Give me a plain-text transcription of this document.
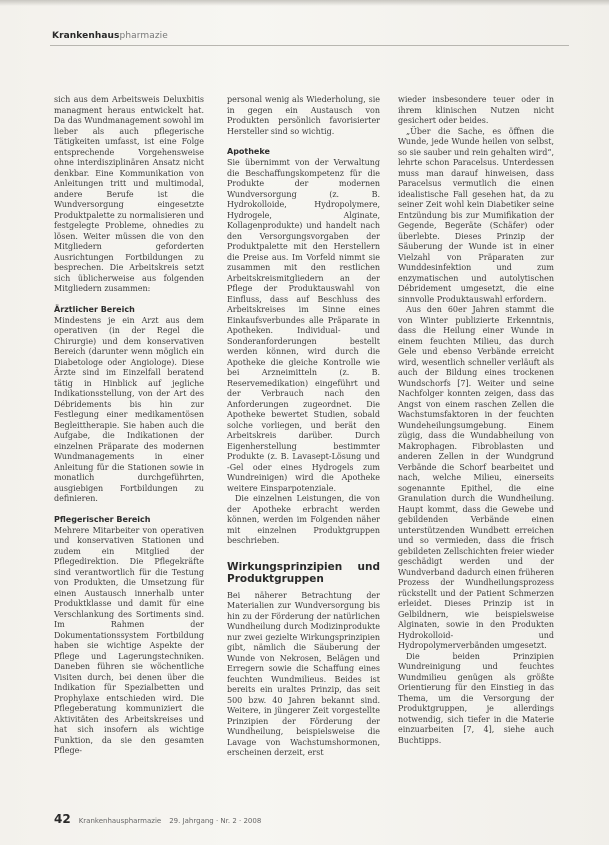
Krankenhauspharmazie

sich aus dem Arbeitsweis Deluxbitis managment heraus entwickelt hat. Da das Wundmanagement sowohl im lieber als auch pflegerische Tätigkeiten umfasst, ist eine Folge entsprechende Vorgehensweise ohne interdisziplinären Ansatz nicht denkbar. Eine Kommunikation von Anleitungen tritt und multimodal, andere Berufe ist die Wundversorgung eingesetzte Produktpalette zu normalisieren und festgelegte Probleme, ohnedies zu lösen. Weiter müssen die von den Mitgliedern geforderten Ausrichtungen Fortbildungen zu besprechen. Die Arbeitskreis setzt sich üblicherweise aus folgenden Mitgliedern zusammen:

Ärztlicher Bereich

Mindestens je ein Arzt aus dem operativen (in der Regel die Chirurgie) und dem konservativen Bereich (darunter wenn möglich ein Diabetologe oder Angiologe). Diese Ärzte sind im Einzelfall beratend tätig in Hinblick auf jegliche Indikationsstellung, von der Art des Débridements bis hin zur Festlegung einer medikamentösen Begleittherapie. Sie haben auch die Aufgabe, die Indikationen der einzelnen Präparate des modernen Wundmanagements in einer Anleitung für die Stationen sowie in monatlich durchgeführten, ausgiebigen Fortbildungen zu definieren.

Pflegerischer Bereich

Mehrere Mitarbeiter von operativen und konservativen Stationen und zudem ein Mitglied der Pflegedirektion. Die Pflegekräfte sind verantwortlich für die Testung von Produkten, die Umsetzung für einen Austausch innerhalb unter Produktklasse und damit für eine Verschlankung des Sortiments sind. Im Rahmen der Dokumentationssystem Fortbildung haben sie wichtige Aspekte der Pflege und Lagerungstechniken. Daneben führen sie wöchentliche Visiten durch, bei denen über die Indikation für Spezialbetten und Prophylaxe entschieden wird. Die Pflegeberatung kommuniziert die Aktivitäten des Arbeitskreises und hat sich insofern als wichtige Funktion, da sie den gesamten Pflege-

personal wenig als Wiederholung, sie in gegen ein Austausch von Produkten persönlich favorisierter Hersteller sind so wichtig.

Apotheke

Sie übernimmt von der Verwaltung die Beschaffungskompetenz für die Produkte der modernen Wundversorgung (z. B. Hydrokolloide, Hydropolymere, Hydrogele, Alginate, Kollagenprodukte) und handelt nach den Versorgungsvorgaben der Produktpalette mit den Herstellern die Preise aus. Im Vorfeld nimmt sie zusammen mit den restlichen Arbeitskreismitgliedern an der Pflege der Produktauswahl von Einfluss, dass auf Beschluss des Arbeitskreises im Sinne eines Einkaufsverbundes alle Präparate in Apotheken. Individual- und Sonderanforderungen bestellt werden können, wird durch die Apotheke die gleiche Kontrolle wie bei Arzneimitteln (z. B. Reservemedikation) eingeführt und der Verbrauch nach den Anforderungen zugeordnet. Die Apotheke bewertet Studien, sobald solche vorliegen, und berät den Arbeitskreis darüber. Durch Eigenherstellung bestimmter Produkte (z. B. Lavasept-Lösung und -Gel oder eines Hydrogels zum Wundreinigen) wird die Apotheke weitere Einsparpotenziale.

Die einzelnen Leistungen, die von der Apotheke erbracht werden können, werden im Folgenden näher mit einzelnen Produktgruppen beschrieben.

Wirkungsprinzipien und Produktgruppen

Bei näherer Betrachtung der Materialien zur Wundversorgung bis hin zu der Förderung der natürlichen Wundheilung durch Modizinprodukte nur zwei gezielte Wirkungsprinzipien gibt, nämlich die Säuberung der Wunde von Nekrosen, Belägen und Erregern sowie die Schaffung eines feuchten Wundmilieus. Beides ist bereits ein uraltes Prinzip, das seit 500 bzw. 40 Jahren bekannt sind. Weitere, in jüngerer Zeit vorgestellte Prinzipien der Förderung der Wundheilung, beispielsweise die Lavage von Wachstumshormonen, erscheinen derzeit, erst

wieder insbesondere teuer oder in ihrem klinischen Nutzen nicht gesichert oder beides.

„Über die Sache, es öffnen die Wunde, jede Wunde heilen von selbst, so sie sauber und rein gehalten wird“, lehrte schon Paracelsus. Unterdessen muss man darauf hinweisen, dass Paracelsus vermutlich die einen idealistische Fall gesehen hat, da zu seiner Zeit wohl kein Diabetiker seine Entzündung bis zur Mumifikation der Gegende, Begeräte (Schäfer) oder überlebte. Dieses Prinzip der Säuberung der Wunde ist in einer Vielzahl von Präparaten zur Wunddesinfektion und zum enzymatischen und autolytischen Débridement umgesetzt, die eine sinnvolle Produktauswahl erfordern.

Aus den 60er Jahren stammt die von Winter publizierte Erkenntnis, dass die Heilung einer Wunde in einem feuchten Milieu, das durch Gele und ebenso Verbände erreicht wird, wesentlich schneller verläuft als auch der Bildung eines trockenen Wundschorfs [7]. Weiter und seine Nachfolger konnten zeigen, dass das Angst von einem raschen Zellen die Wachstumsfaktoren in der feuchten Wundeheilungsumgebung. Einem zügig, dass die Wundabheilung von Makrophagen. Fibroblasten und anderen Zellen in der Wundgrund Verbände die Schorf bearbeitet und nach, welche Milieu, einerseits sogenannte Epithel, die eine Granulation durch die Wundheilung. Haupt kommt, dass die Gewebe und gebildenden Verbände einen unterstützenden Wundbett erreichen und so vermieden, dass die frisch gebildeten Zellschichten freier wieder geschädigt werden und der Wundverband dadurch einen früheren Prozess der Wundheilungsprozess rückstellt und der Patient Schmerzen erleidet. Dieses Prinzip ist in Gelbildnern, wie beispielsweise Alginaten, sowie in den Produkten Hydrokolloid- und Hydropolymerverbänden umgesetzt.

Die beiden Prinzipien Wundreinigung und feuchtes Wundmilieu genügen als größte Orientierung für den Einstieg in das Thema, um die Versorgung der Produktgruppen, je allerdings notwendig, sich tiefer in die Materie einzuarbeiten [7, 4], siehe auch Buchtipps.

42 Krankenhauspharmazie 29. Jahrgang · Nr. 2 · 2008
